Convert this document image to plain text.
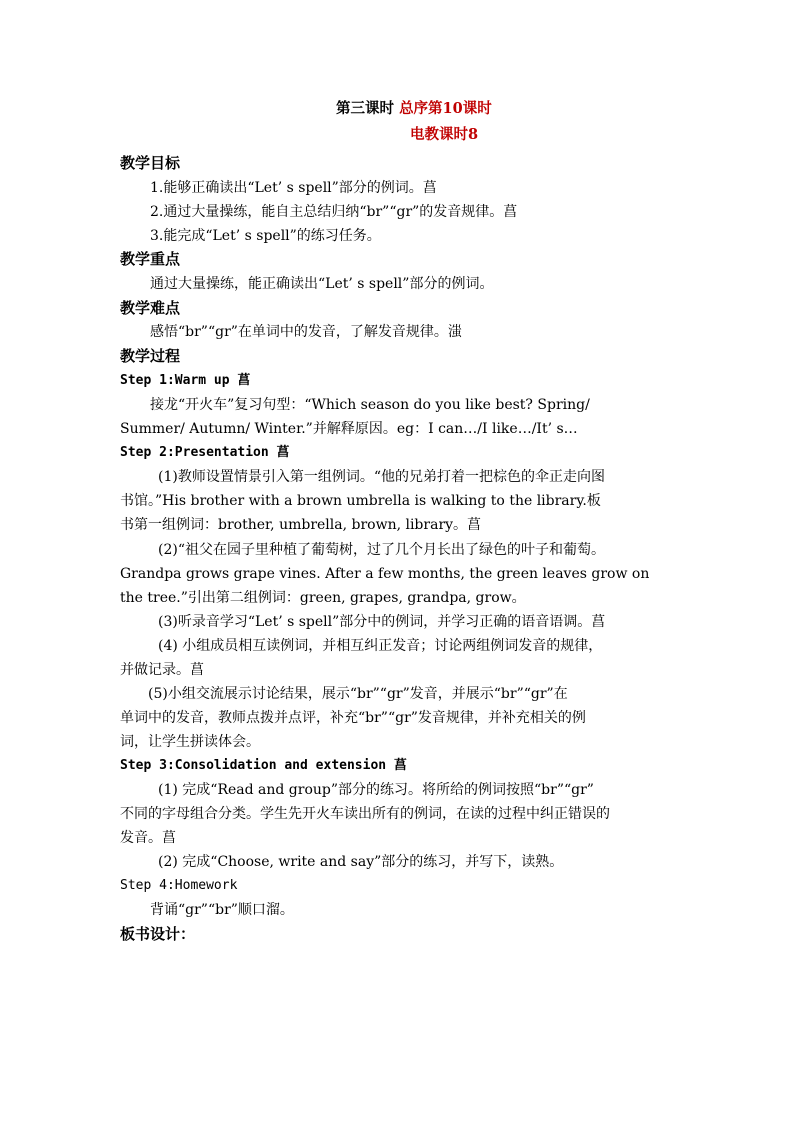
第三课时 总序第10课时
电教课时8
教学目标
1.能够正确读出“Let’ s spell”部分的例词。菖
2.通过大量操练，能自主总结归纳“br”“gr”的发音规律。菖
3.能完成“Let’ s spell”的练习任务。
教学重点
通过大量操练，能正确读出“Let’ s spell”部分的例词。
教学难点
感悟“br”“gr”在单词中的发音，了解发音规律。滍
教学过程
Step 1:Warm up 菖
接龙“开火车”复习句型：“Which season do you like best? Spring/
Summer/ Autumn/ Winter.”并解释原因。eg：I can…/I like…/It’ s…
Step 2:Presentation 菖
(1)教师设置情景引入第一组例词。“他的兄弟打着一把棕色的伞正走向图
书馆。”His brother with a brown umbrella is walking to the library.板
书第一组例词：brother, umbrella, brown, library。菖
(2)“祖父在园子里种植了葡萄树，过了几个月长出了绿色的叶子和葡萄。
Grandpa grows grape vines. After a few months, the green leaves grow on
the tree.”引出第二组例词：green, grapes, grandpa, grow。
(3)听录音学习“Let’ s spell”部分中的例词，并学习正确的语音语调。菖
(4) 小组成员相互读例词，并相互纠正发音；讨论两组例词发音的规律，
并做记录。菖
(5)小组交流展示讨论结果，展示“br”“gr”发音，并展示“br”“gr”在
单词中的发音，教师点拨并点评，补充“br”“gr”发音规律，并补充相关的例
词，让学生拼读体会。
Step 3:Consolidation and extension 菖
(1) 完成“Read and group”部分的练习。将所给的例词按照“br”“gr”
不同的字母组合分类。学生先开火车读出所有的例词，在读的过程中纠正错误的
发音。菖
(2) 完成“Choose, write and say”部分的练习，并写下，读熟。
Step 4:Homework
背诵“gr”“br”顺口溜。
板书设计：
